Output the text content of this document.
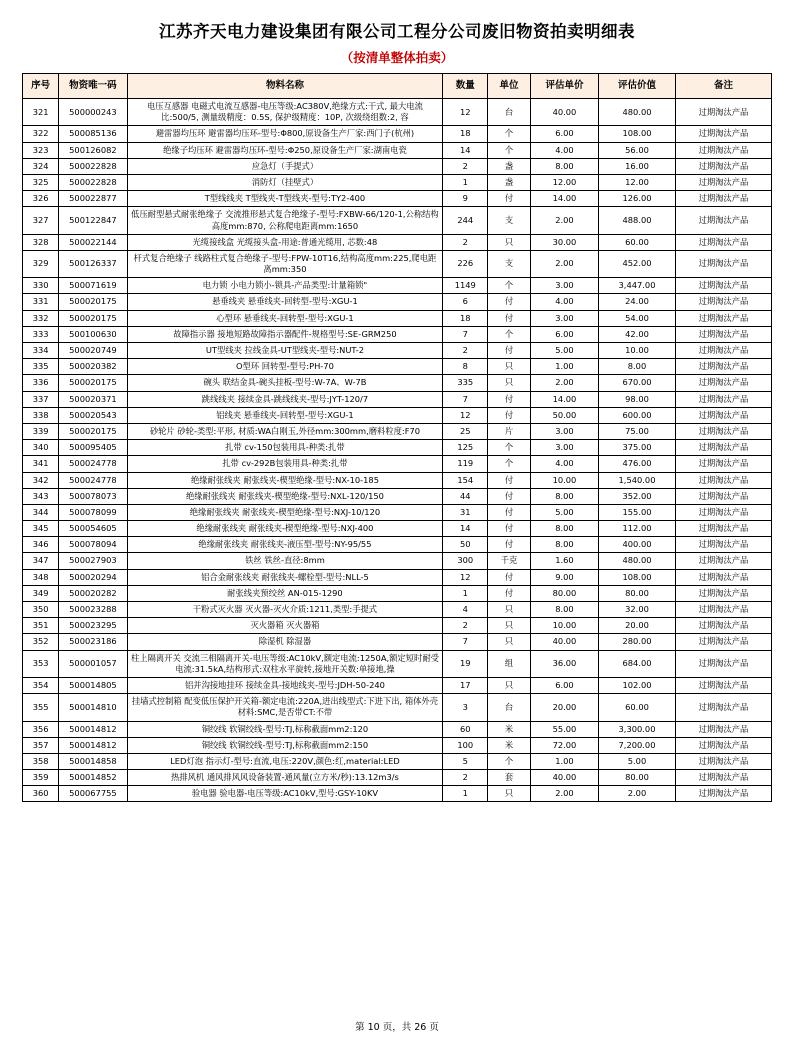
江苏齐天电力建设集团有限公司工程分公司废旧物资拍卖明细表
（按清单整体拍卖）
序号	物资唯一码	物料名称	数量	单位	评估单价	评估价值	备注
321	500000243	电压互感器 电磁式电流互感器-电压等级:AC380V,绝缘方式:干式, 最大电流比:500/5, 测量级精度：0.5S, 保护级精度：10P, 次级绕组数:2, 容	12	台	40.00	480.00	过期淘汰产品
322	500085136	避雷器均压环 避雷器均压环-型号:Φ800,原设备生产厂家:西门子(杭州)	18	个	6.00	108.00	过期淘汰产品
323	500126082	绝缘子均压环 避雷器均压环-型号:Φ250,原设备生产厂家:湖南电瓷	14	个	4.00	56.00	过期淘汰产品
324	500022828	应急灯（手提式）	2	盏	8.00	16.00	过期淘汰产品
325	500022828	消防灯（挂壁式）	1	盏	12.00	12.00	过期淘汰产品
326	500022877	T型线线夹 T型线夹-T型线夹-型号:TY2-400	9	付	14.00	126.00	过期淘汰产品
327	500122847	低压耐型悬式耐张绝缘子 交流推形悬式复合绝缘子-型号:FXBW-66/120-1,公称结构高度mm:870, 公称爬电距离mm:1650	244	支	2.00	488.00	过期淘汰产品
328	500022144	光缆接线盒 光缆接头盒-用途:普通光缆用, 芯数:48	2	只	30.00	60.00	过期淘汰产品
329	500126337	杆式复合绝缘子 线路柱式复合绝缘子-型号:FPW-10T16,结构高度mm:225,爬电距离mm:350	226	支	2.00	452.00	过期淘汰产品
330	500071619	电力锁 小电力锁小-锁具-产品类型:计量箱锁"	1149	个	3.00	3,447.00	过期淘汰产品
331	500020175	悬垂线夹 悬垂线夹-回转型-型号:XGU-1	6	付	4.00	24.00	过期淘汰产品
332	500020175	心型环 悬垂线夹-回转型-型号:XGU-1	18	付	3.00	54.00	过期淘汰产品
333	500100630	故障指示器 接地短路故障指示器配件-规格型号:SE-GRM250	7	个	6.00	42.00	过期淘汰产品
334	500020749	UT型线夹 拉线金具-UT型线夹-型号:NUT-2	2	付	5.00	10.00	过期淘汰产品
335	500020382	O型环 回转型-型号:PH-70	8	只	1.00	8.00	过期淘汰产品
336	500020175	碗头 联结金具-碗头挂板-型号:W-7A、W-7B	335	只	2.00	670.00	过期淘汰产品
337	500020371	跳线线夹 接续金具-跳线线夹-型号:JYT-120/7	7	付	14.00	98.00	过期淘汰产品
338	500020543	铝线夹 悬垂线夹-回转型-型号:XGU-1	12	付	50.00	600.00	过期淘汰产品
339	500020175	砂轮片 砂轮-类型:平形, 材质:WA白刚玉,外径mm:300mm,磨料粒度:F70	25	片	3.00	75.00	过期淘汰产品
340	500095405	扎带 cv-150包装用具-种类:扎带	125	个	3.00	375.00	过期淘汰产品
341	500024778	扎带 cv-292B包装用具-种类:扎带	119	个	4.00	476.00	过期淘汰产品
342	500024778	绝缘耐张线夹 耐张线夹-楔型绝缘-型号:NX-10-185	154	付	10.00	1,540.00	过期淘汰产品
343	500078073	绝缘耐张线夹 耐张线夹-楔型绝缘-型号:NXL-120/150	44	付	8.00	352.00	过期淘汰产品
344	500078099	绝缘耐张线夹 耐张线夹-楔型绝缘-型号:NXJ-10/120	31	付	5.00	155.00	过期淘汰产品
345	500054605	绝缘耐张线夹 耐张线夹-楔型绝缘-型号:NXJ-400	14	付	8.00	112.00	过期淘汰产品
346	500078094	绝缘耐张线夹 耐张线夹-液压型-型号:NY-95/55	50	付	8.00	400.00	过期淘汰产品
347	500027903	铁丝 铁丝-直径:8mm	300	千克	1.60	480.00	过期淘汰产品
348	500020294	铝合金耐张线夹 耐张线夹-螺栓型-型号:NLL-5	12	付	9.00	108.00	过期淘汰产品
349	500020282	耐张线夹预绞丝 AN-015-1290	1	付	80.00	80.00	过期淘汰产品
350	500023288	干粉式灭火器 灭火器-灭火介质:1211,类型:手提式	4	只	8.00	32.00	过期淘汰产品
351	500023295	灭火器箱 灭火器箱	2	只	10.00	20.00	过期淘汰产品
352	500023186	除湿机 除湿器	7	只	40.00	280.00	过期淘汰产品
353	500001057	柱上隔离开关 交流三相隔离开关-电压等级:AC10kV,额定电流:1250A,额定短时耐受电流:31.5kA,结构形式:双柱水平旋转,接地开关数:单接地,操	19	组	36.00	684.00	过期淘汰产品
354	500014805	铝并沟接地挂环 接续金具-接地线夹-型号:JDH-50-240	17	只	6.00	102.00	过期淘汰产品
355	500014810	挂墙式控制箱 配变低压保护开关箱-额定电流:220A,进出线型式:下进下出, 箱体外壳材料:SMC,是否带CT:不带	3	台	20.00	60.00	过期淘汰产品
356	500014812	铜绞线 软铜绞线-型号:TJ,标称截面mm2:120	60	米	55.00	3,300.00	过期淘汰产品
357	500014812	铜绞线 软铜绞线-型号:TJ,标称截面mm2:150	100	米	72.00	7,200.00	过期淘汰产品
358	500014858	LED灯泡 指示灯-型号:直流,电压:220V,颜色:红,material:LED	5	个	1.00	5.00	过期淘汰产品
359	500014852	热排风机 通风排风风设备装置-通风量(立方米/秒):13.12m3/s	2	套	40.00	80.00	过期淘汰产品
360	500067755	验电器 验电器-电压等级:AC10kV,型号:GSY-10KV	1	只	2.00	2.00	过期淘汰产品
第 10 页，共 26 页
